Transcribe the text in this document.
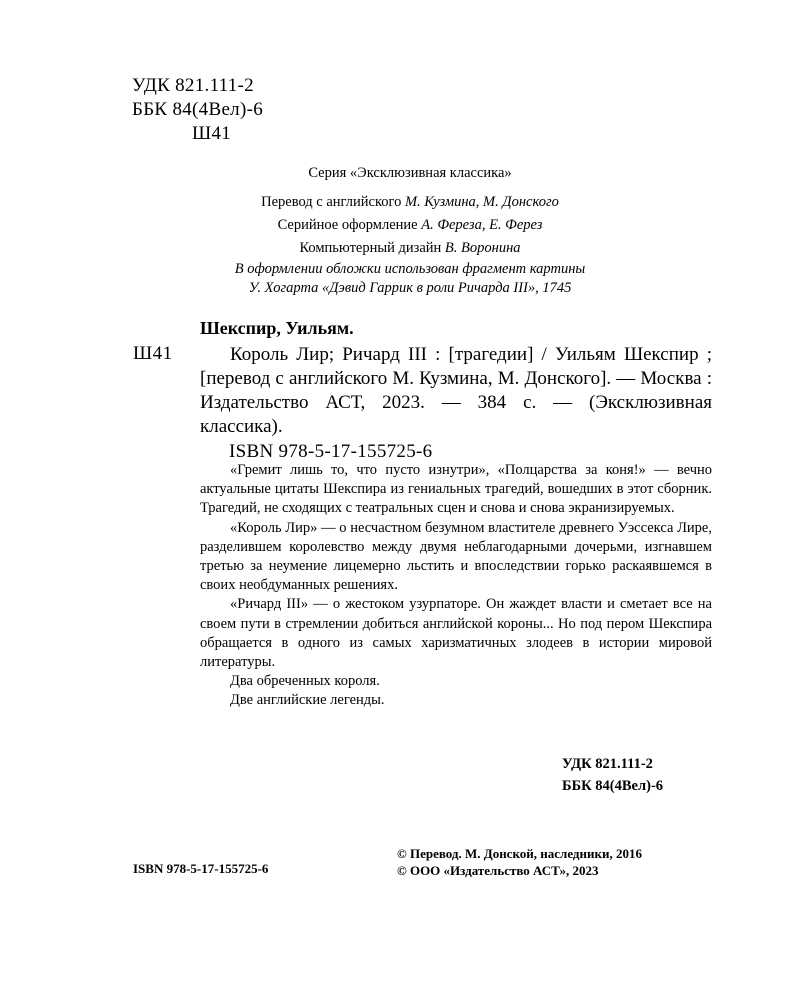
УДК 821.111-2
ББК 84(4Вел)-6
Ш41
Серия «Эксклюзивная классика»
Перевод с английского М. Кузмина, М. Донского
Серийное оформление А. Фереза, Е. Ферез
Компьютерный дизайн В. Воронина
В оформлении обложки использован фрагмент картины
У. Хогарта «Дэвид Гаррик в роли Ричарда III», 1745
Шекспир, Уильям.
Ш41	Король Лир; Ричард III : [трагедии] / Уильям Шекспир ; [перевод с английского М. Кузмина, М. Донского]. — Москва : Издательство АСТ, 2023. — 384 с. — (Эксклюзивная классика).
ISBN 978-5-17-155725-6

«Гремит лишь то, что пусто изнутри», «Полцарства за коня!» — вечно актуальные цитаты Шекспира из гениальных трагедий, вошедших в этот сборник. Трагедий, не сходящих с театральных сцен и снова и снова экранизируемых.

«Король Лир» — о несчастном безумном властителе древнего Уэссекса Лире, разделившем королевство между двумя неблагодарными дочерьми, изгнавшем третью за неумение лицемерно льстить и впоследствии горько раскаявшемся в своих необдуманных решениях.

«Ричард III» — о жестоком узурпаторе. Он жаждет власти и сметает все на своем пути в стремлении добиться английской короны... Но под пером Шекспира обращается в одного из самых харизматичных злодеев в истории мировой литературы.

Два обреченных короля.

Две английские легенды.

УДК 821.111-2
ББК 84(4Вел)-6
ISBN 978-5-17-155725-6
© Перевод. М. Донской, наследники, 2016
© ООО «Издательство АСТ», 2023
